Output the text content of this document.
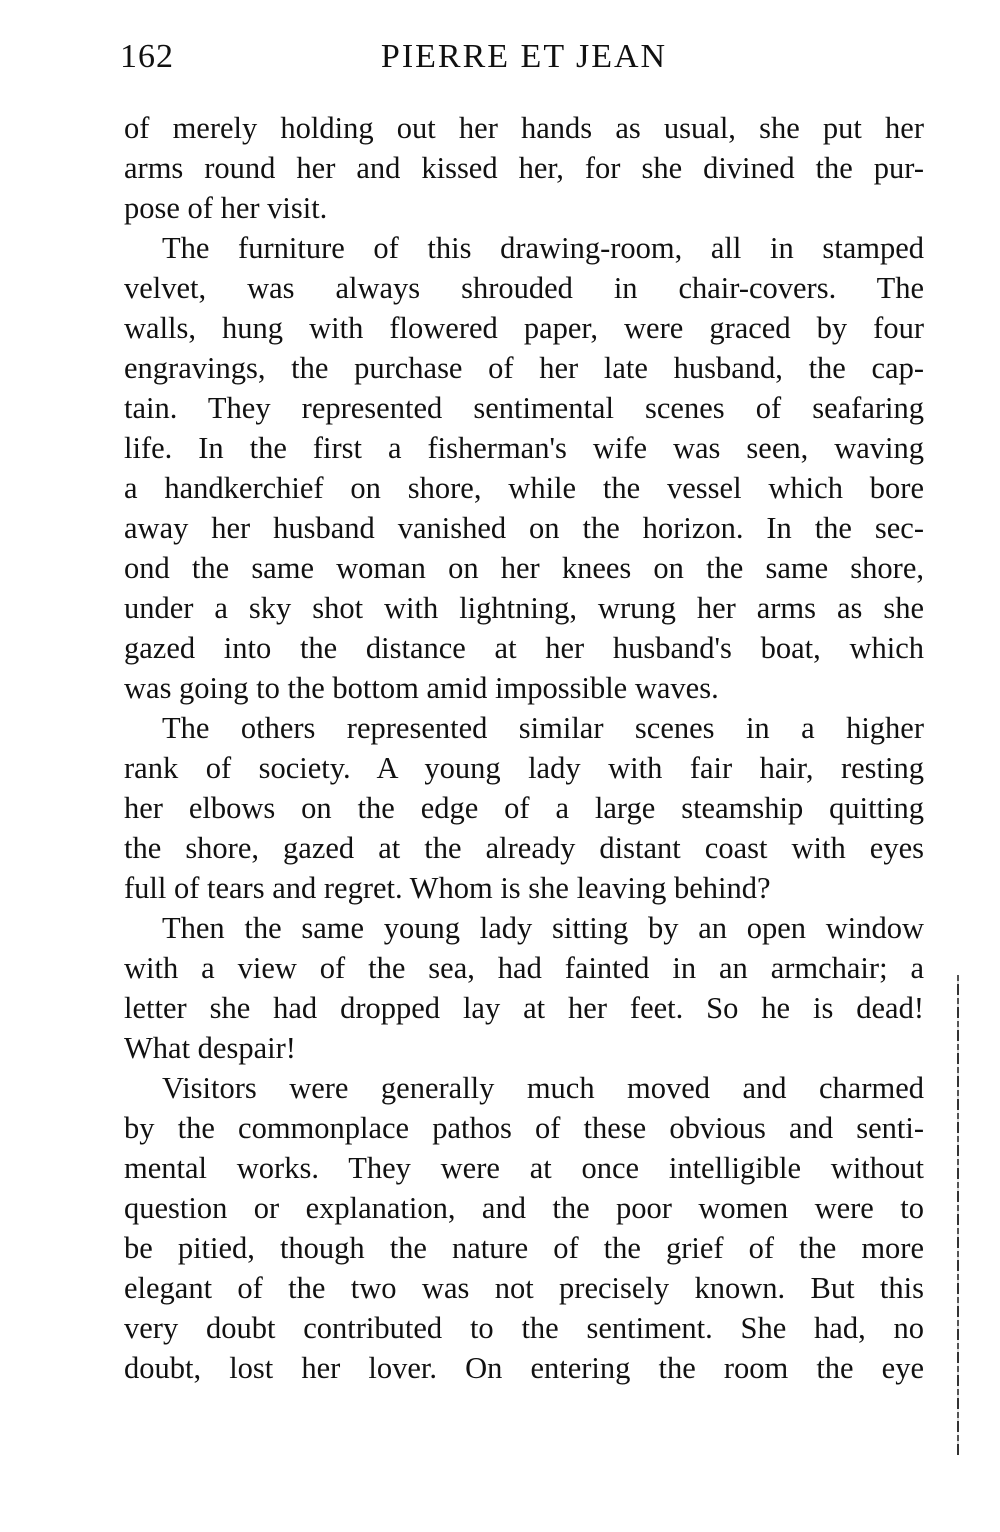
162	PIERRE ET JEAN
of merely holding out her hands as usual, she put her
arms round her and kissed her, for she divined the pur-
pose of her visit.
The furniture of this drawing-room, all in stamped
velvet, was always shrouded in chair-covers. The
walls, hung with flowered paper, were graced by four
engravings, the purchase of her late husband, the cap-
tain. They represented sentimental scenes of seafaring
life. In the first a fisherman's wife was seen, waving
a handkerchief on shore, while the vessel which bore
away her husband vanished on the horizon. In the sec-
ond the same woman on her knees on the same shore,
under a sky shot with lightning, wrung her arms as she
gazed into the distance at her husband's boat, which
was going to the bottom amid impossible waves.
The others represented similar scenes in a higher
rank of society. A young lady with fair hair, resting
her elbows on the edge of a large steamship quitting
the shore, gazed at the already distant coast with eyes
full of tears and regret. Whom is she leaving behind?
Then the same young lady sitting by an open window
with a view of the sea, had fainted in an armchair; a
letter she had dropped lay at her feet. So he is dead!
What despair!
Visitors were generally much moved and charmed
by the commonplace pathos of these obvious and senti-
mental works. They were at once intelligible without
question or explanation, and the poor women were to
be pitied, though the nature of the grief of the more
elegant of the two was not precisely known. But this
very doubt contributed to the sentiment. She had, no
doubt, lost her lover. On entering the room the eye
